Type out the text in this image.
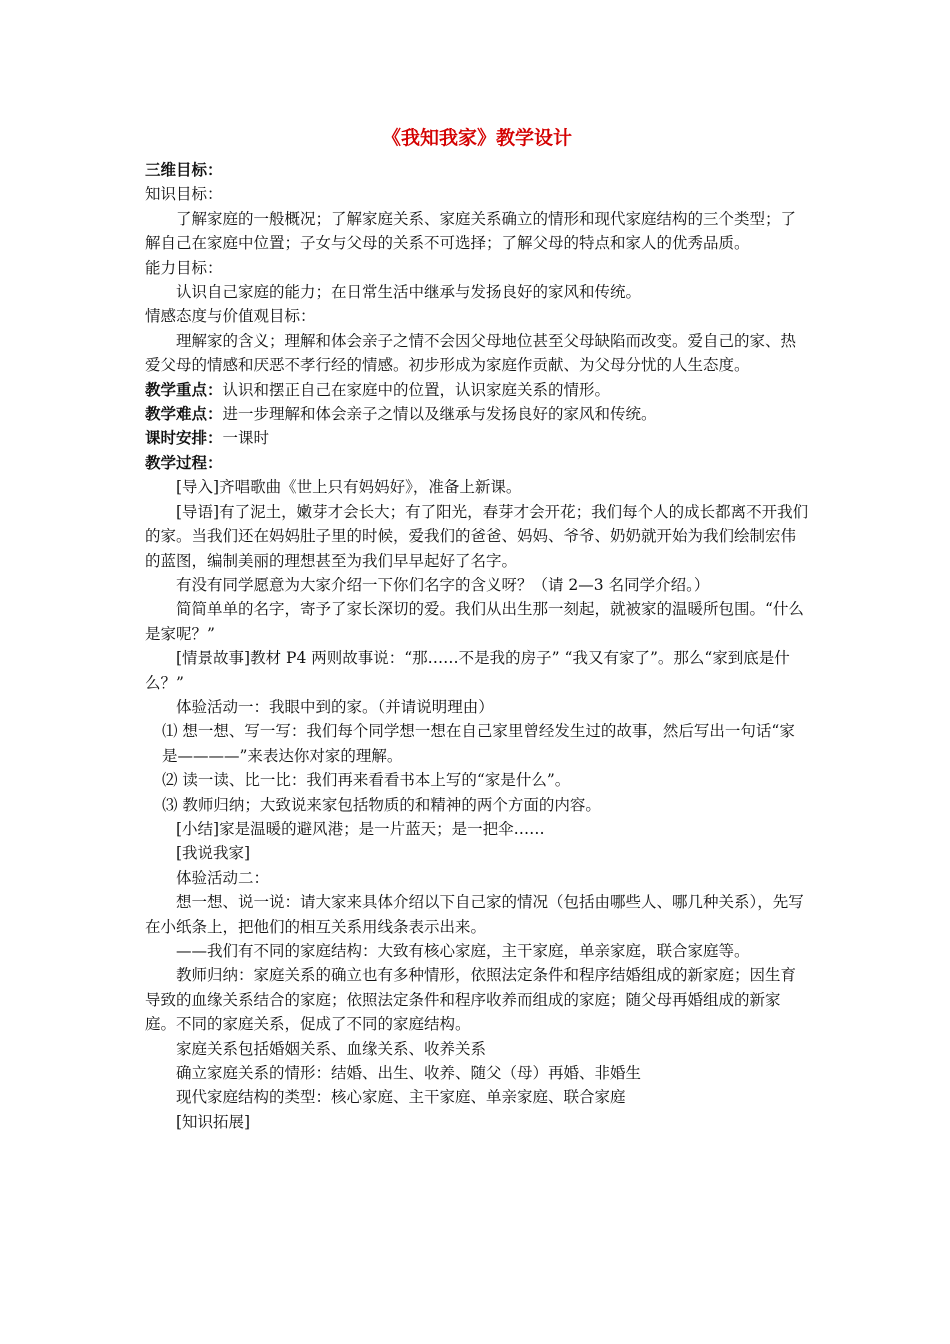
《我知我家》教学设计

三维目标：

知识目标：

了解家庭的一般概况；了解家庭关系、家庭关系确立的情形和现代家庭结构的三个类型；了解自己在家庭中位置；子女与父母的关系不可选择；了解父母的特点和家人的优秀品质。

能力目标：

认识自己家庭的能力；在日常生活中继承与发扬良好的家风和传统。

情感态度与价值观目标：

理解家的含义；理解和体会亲子之情不会因父母地位甚至父母缺陷而改变。爱自己的家、热爱父母的情感和厌恶不孝行经的情感。初步形成为家庭作贡献、为父母分忧的人生态度。

教学重点：认识和摆正自己在家庭中的位置，认识家庭关系的情形。

教学难点：进一步理解和体会亲子之情以及继承与发扬良好的家风和传统。

课时安排：一课时

教学过程：

[导入]齐唱歌曲《世上只有妈妈好》，准备上新课。

[导语]有了泥土，嫩芽才会长大；有了阳光，春芽才会开花；我们每个人的成长都离不开我们的家。当我们还在妈妈肚子里的时候，爱我们的爸爸、妈妈、爷爷、奶奶就开始为我们绘制宏伟的蓝图，编制美丽的理想甚至为我们早早起好了名字。

有没有同学愿意为大家介绍一下你们名字的含义呀？（请 2—3 名同学介绍。）

简简单单的名字，寄予了家长深切的爱。我们从出生那一刻起，就被家的温暖所包围。“什么是家呢？”

[情景故事]教材 P4 两则故事说：“那……不是我的房子” “我又有家了”。那么“家到底是什么？”

体验活动一：我眼中到的家。（并请说明理由）

⑴ 想一想、写一写：我们每个同学想一想在自己家里曾经发生过的故事，然后写出一句话“家是————”来表达你对家的理解。

⑵ 读一读、比一比：我们再来看看书本上写的“家是什么”。

⑶ 教师归纳；大致说来家包括物质的和精神的两个方面的内容。

[小结]家是温暖的避风港；是一片蓝天；是一把伞……

[我说我家]

体验活动二：

想一想、说一说：请大家来具体介绍以下自己家的情况（包括由哪些人、哪几种关系），先写在小纸条上，把他们的相互关系用线条表示出来。

——我们有不同的家庭结构：大致有核心家庭，主干家庭，单亲家庭，联合家庭等。

教师归纳：家庭关系的确立也有多种情形，依照法定条件和程序结婚组成的新家庭；因生育导致的血缘关系结合的家庭；依照法定条件和程序收养而组成的家庭；随父母再婚组成的新家庭。不同的家庭关系，促成了不同的家庭结构。

家庭关系包括婚姻关系、血缘关系、收养关系

确立家庭关系的情形：结婚、出生、收养、随父（母）再婚、非婚生

现代家庭结构的类型：核心家庭、主干家庭、单亲家庭、联合家庭

[知识拓展]
